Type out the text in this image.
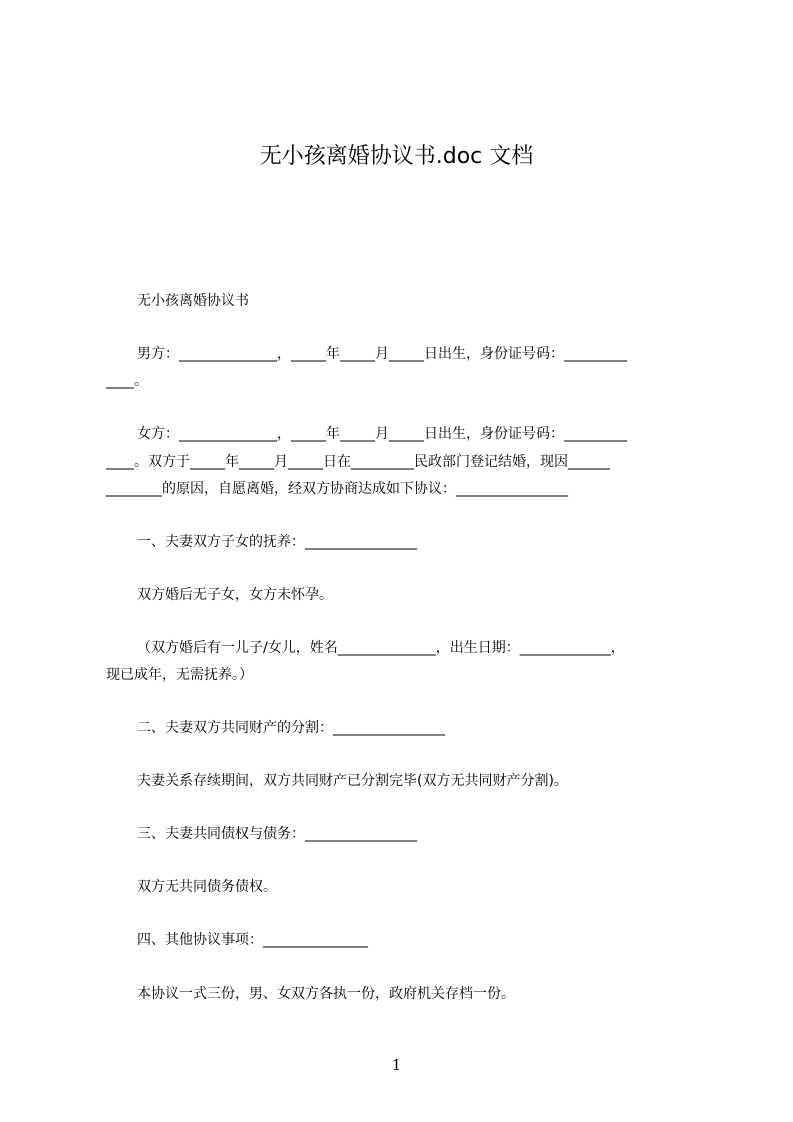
无小孩离婚协议书.doc 文档
无小孩离婚协议书
男方：______________，_____年_____月_____日出生，身份证号码：_________
____。
女方：______________，_____年_____月_____日出生，身份证号码：_________
____。双方于_____年_____月_____日在_________民政部门登记结婚，现因______
________的原因，自愿离婚，经双方协商达成如下协议：________________
一、夫妻双方子女的抚养：________________
双方婚后无子女，女方未怀孕。
（双方婚后有一儿子/女儿，姓名______________，出生日期：_____________，
现已成年，无需抚养。）
二、夫妻双方共同财产的分割：________________
夫妻关系存续期间，双方共同财产已分割完毕(双方无共同财产分割)。
三、夫妻共同债权与债务：________________
双方无共同债务债权。
四、其他协议事项：_______________
本协议一式三份，男、女双方各执一份，政府机关存档一份。
1
